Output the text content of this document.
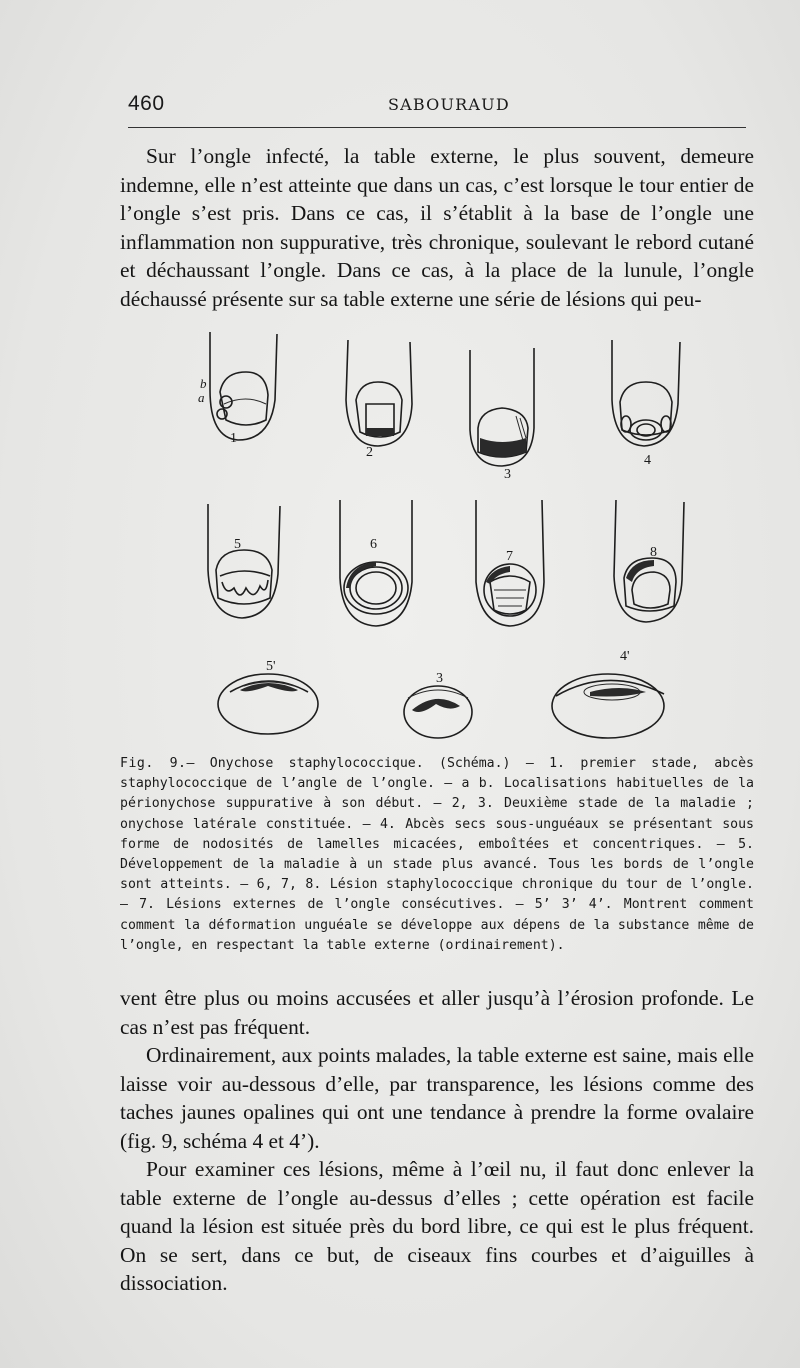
460	SABOURAUD

Sur l’ongle infecté, la table externe, le plus souvent, demeure indemne, elle n’est atteinte que dans un cas, c’est lorsque le tour entier de l’ongle s’est pris. Dans ce cas, il s’établit à la base de l’ongle une inflammation non suppurative, très chronique, soulevant le rebord cutané et déchaussant l’ongle. Dans ce cas, à la place de la lunule, l’ongle déchaussé présente sur sa table externe une série de lésions qui peu-

b
a
1
2
3
4
5	6
7	8
5'
3
4'
Fig. 9.— Onychose staphylococcique. (Schéma.) — 1. premier stade, abcès staphylococcique de l’angle de l’ongle. — a b. Localisations habituelles de la périonychose suppurative à son début. — 2, 3. Deuxième stade de la maladie ; onychose latérale constituée. — 4. Abcès secs sous-unguéaux se présentant sous forme de nodosités de lamelles micacées, emboîtées et concentriques. — 5. Développement de la maladie à un stade plus avancé. Tous les bords de l’ongle sont atteints. — 6, 7, 8. Lésion staphylococcique chronique du tour de l’ongle. — 7. Lésions externes de l’ongle consécutives. — 5’ 3’ 4’. Montrent comment comment la déformation unguéale se développe aux dépens de la substance même de l’ongle, en respectant la table externe (ordinairement).

vent être plus ou moins accusées et aller jusqu’à l’érosion profonde. Le cas n’est pas fréquent.

Ordinairement, aux points malades, la table externe est saine, mais elle laisse voir au-dessous d’elle, par transparence, les lésions comme des taches jaunes opalines qui ont une tendance à prendre la forme ovalaire (fig. 9, schéma 4 et 4’).

Pour examiner ces lésions, même à l’œil nu, il faut donc enlever la table externe de l’ongle au-dessus d’elles ; cette opération est facile quand la lésion est située près du bord libre, ce qui est le plus fréquent. On se sert, dans ce but, de ciseaux fins courbes et d’aiguilles à dissociation.
